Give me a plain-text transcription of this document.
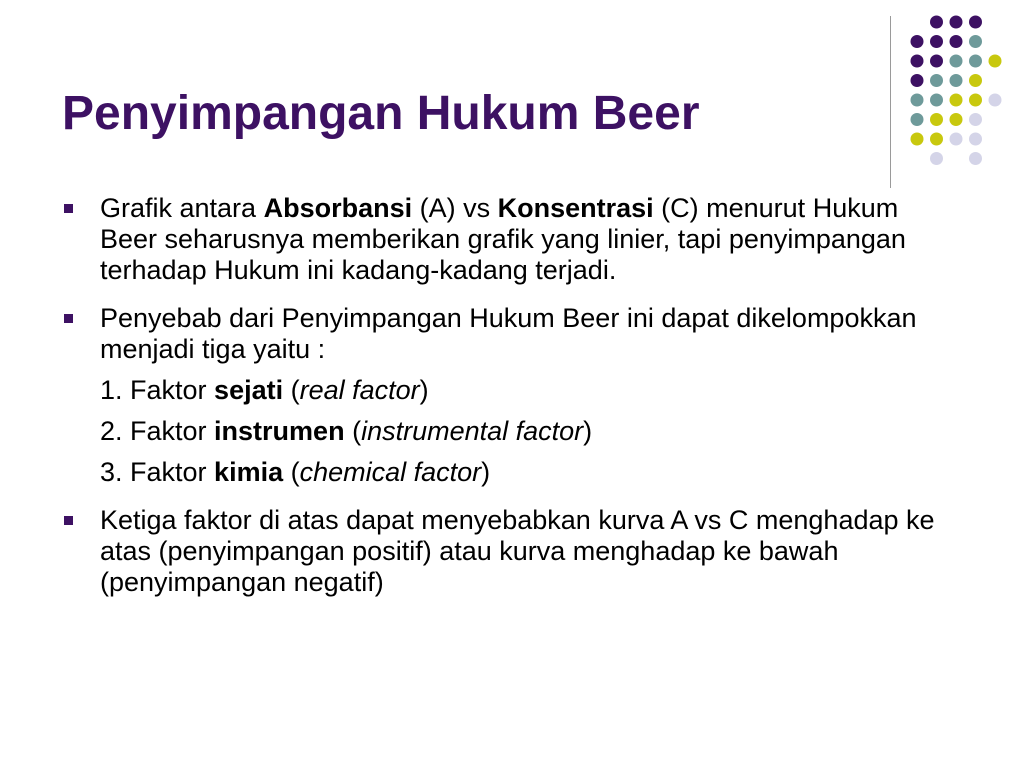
Penyimpangan Hukum Beer
Grafik antara Absorbansi (A) vs Konsentrasi (C) menurut Hukum Beer seharusnya memberikan grafik yang linier, tapi penyimpangan terhadap Hukum ini kadang-kadang terjadi.
Penyebab dari Penyimpangan Hukum Beer ini dapat dikelompokkan menjadi tiga yaitu :
1. Faktor sejati (real factor)
2. Faktor instrumen (instrumental factor)
3. Faktor kimia (chemical factor)
Ketiga faktor di atas dapat menyebabkan kurva A vs C menghadap ke atas (penyimpangan positif) atau kurva menghadap ke bawah (penyimpangan negatif)
